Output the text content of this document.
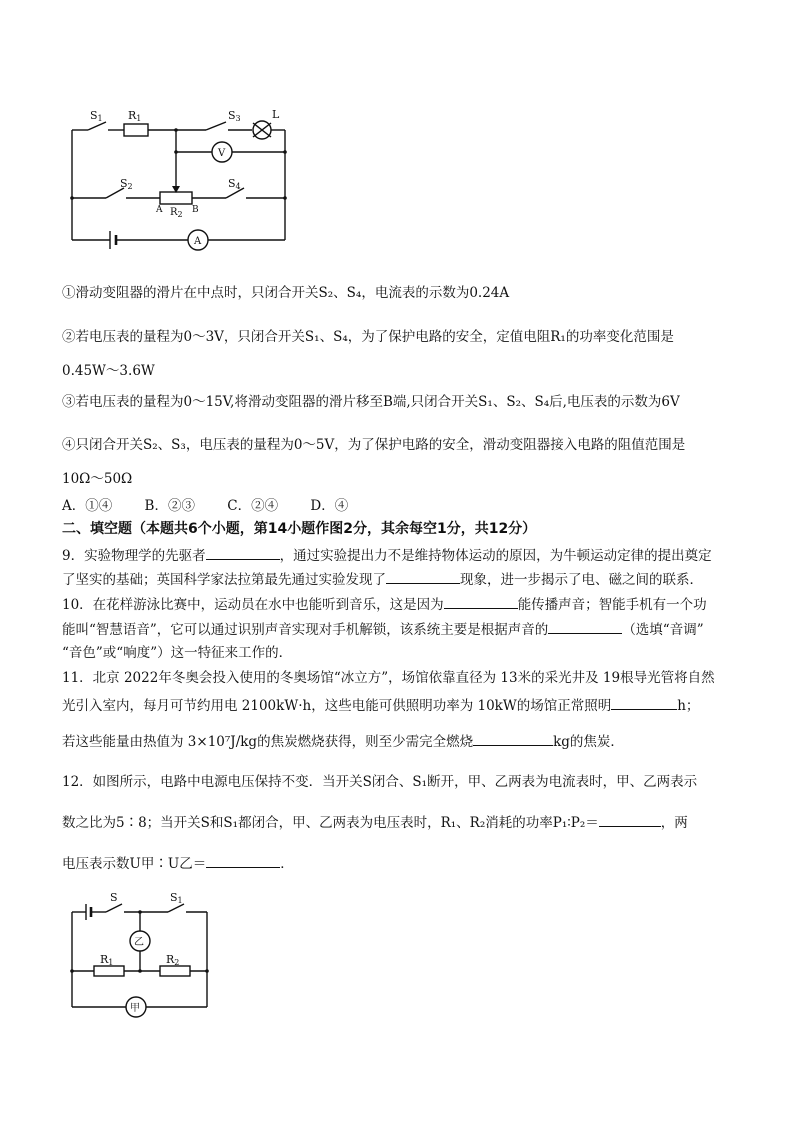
S1 R1	S3	L
V
S2	S4
A $R_2$ B
A
①滑动变阻器的滑片在中点时，只闭合开关S₂、S₄，电流表的示数为0.24A
②若电压表的量程为0～3V，只闭合开关S₁、S₄，为了保护电路的安全，定值电阻R₁的功率变化范围是
0.45W～3.6W
③若电压表的量程为0～15V,将滑动变阻器的滑片移至B端,只闭合开关S₁、S₂、S₄后,电压表的示数为6V
④只闭合开关S₂、S₃，电压表的量程为0～5V，为了保护电路的安全，滑动变阻器接入电路的阻值范围是
10Ω～50Ω
A．①④ B．②③ C．②④ D．④
二、填空题（本题共6个小题，第14小题作图2分，其余每空1分，共12分）
9．实验物理学的先驱者	，通过实验提出力不是维持物体运动的原因，为牛顿运动定律的提出奠定
了坚实的基础；英国科学家法拉第最先通过实验发现了	现象，进一步揭示了电、磁之间的联系．
10．在花样游泳比赛中，运动员在水中也能听到音乐，这是因为	能传播声音；智能手机有一个功
能叫“智慧语音”，它可以通过识别声音实现对手机解锁，该系统主要是根据声音的	（选填“音调”
“音色”或“响度”）这一特征来工作的．
11．北京 2022年冬奥会投入使用的冬奥场馆“冰立方”，场馆依靠直径为 13米的采光井及 19根导光管将自然
光引入室内，每月可节约用电 2100kW·h，这些电能可供照明功率为 10kW的场馆正常照明	h；
若这些能量由热值为 3×10⁷J/kg的焦炭燃烧获得，则至少需完全燃烧	kg的焦炭．
12．如图所示，电路中电源电压保持不变．当开关S闭合、S₁断开，甲、乙两表为电流表时，甲、乙两表示
数之比为5∶8；当开关S和S₁都闭合，甲、乙两表为电压表时，R₁、R₂消耗的功率P₁∶P₂＝	，两
电压表示数U甲∶U乙＝	．
S	S1
乙
R1	R2
甲
